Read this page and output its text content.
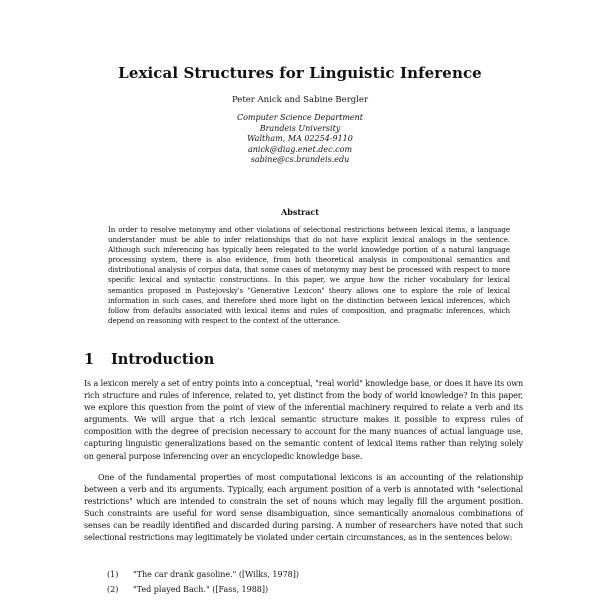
Lexical Structures for Linguistic Inference
Peter Anick and Sabine Bergler
Computer Science Department
Brandeis University
Waltham, MA 02254-9110
anick@diag.enet.dec.com
sabine@cs.brandeis.edu
Abstract
In order to resolve metonymy and other violations of selectional restrictions between lexical items, a language understander must be able to infer relationships that do not have explicit lexical analogs in the sentence. Although such inferencing has typically been relegated to the world knowledge portion of a natural language processing system, there is also evidence, from both theoretical analysis in compositional semantics and distributional analysis of corpus data, that some cases of metonymy may best be processed with respect to more specific lexical and syntactic constructions. In this paper, we argue how the richer vocabulary for lexical semantics proposed in Pustejovsky's "Generative Lexicon" theory allows one to explore the role of lexical information in such cases, and therefore shed more light on the distinction between lexical inferences, which follow from defaults associated with lexical items and rules of composition, and pragmatic inferences, which depend on reasoning with respect to the context of the utterance.
1 Introduction
Is a lexicon merely a set of entry points into a conceptual, "real world" knowledge base, or does it have its own rich structure and rules of inference, related to, yet distinct from the body of world knowledge? In this paper, we explore this question from the point of view of the inferential machinery required to relate a verb and its arguments. We will argue that a rich lexical semantic structure makes it possible to express rules of composition with the degree of precision necessary to account for the many nuances of actual language use, capturing linguistic generalizations based on the semantic content of lexical items rather than relying solely on general purpose inferencing over an encyclopedic knowledge base.
One of the fundamental properties of most computational lexicons is an accounting of the relationship between a verb and its arguments. Typically, each argument position of a verb is annotated with "selectional restrictions" which are intended to constrain the set of nouns which may legally fill the argument position. Such constraints are useful for word sense disambiguation, since semantically anomalous combinations of senses can be readily identified and discarded during parsing. A number of researchers have noted that such selectional restrictions may legitimately be violated under certain circumstances, as in the sentences below:
(1) "The car drank gasoline." ([Wilks, 1978])
(2) "Ted played Bach." ([Fass, 1988])
